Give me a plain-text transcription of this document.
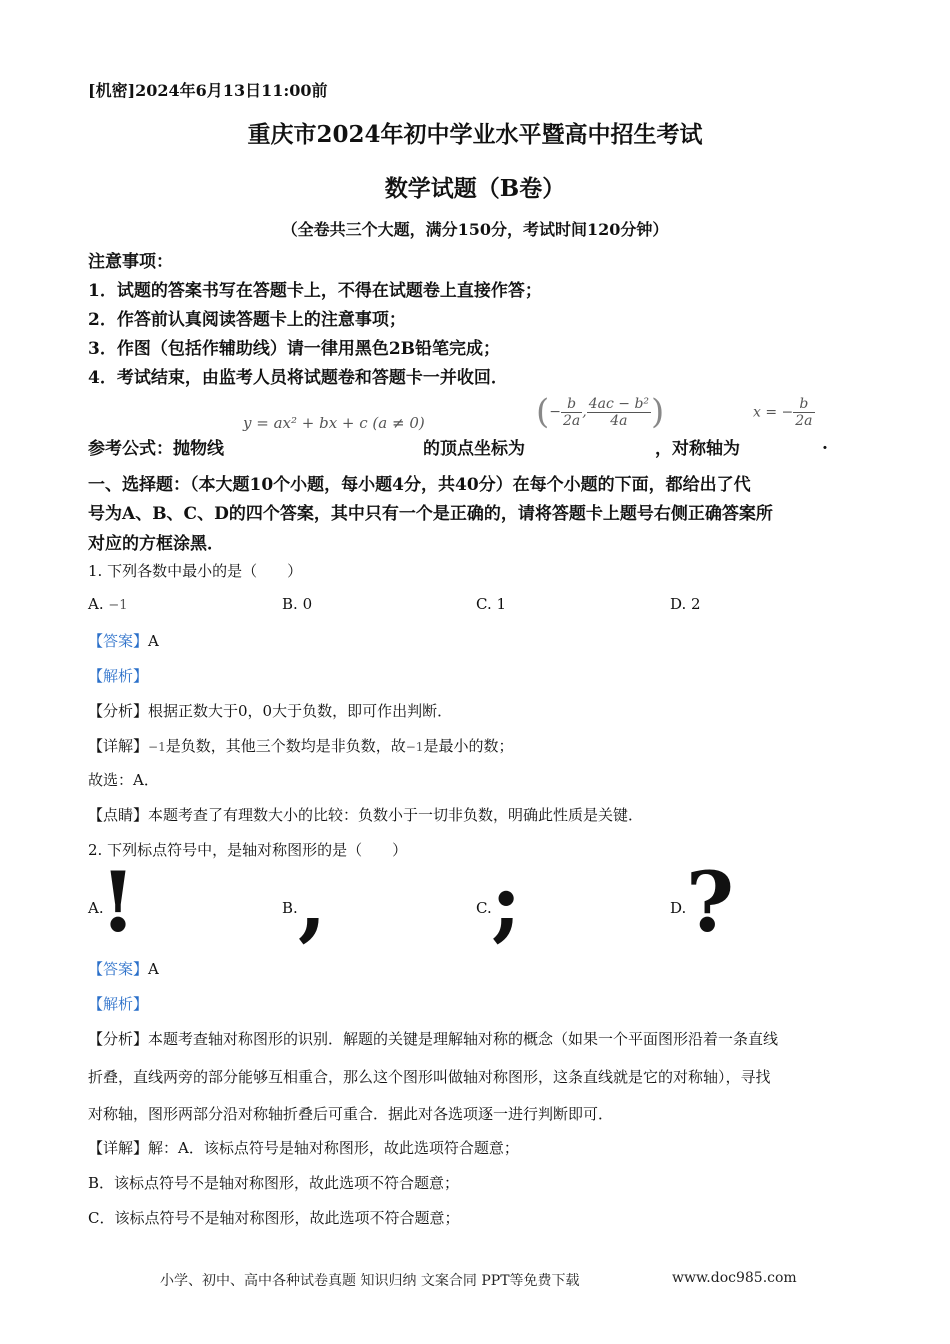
[机密]2024年6月13日11:00前
重庆市2024年初中学业水平暨高中招生考试
数学试题（B卷）
（全卷共三个大题，满分150分，考试时间120分钟）
注意事项：
1．试题的答案书写在答题卡上，不得在试题卷上直接作答；
2．作答前认真阅读答题卡上的注意事项；
3．作图（包括作辅助线）请一律用黑色2B铅笔完成；
4．考试结束，由监考人员将试题卷和答题卡一并收回．
参考公式：抛物线
y = ax² + bx + c (a ≠ 0)
的顶点坐标为
(− $\frac{b}{2a}$ , $\frac{\text{4ac − b²}}{4a}$ )
，对称轴为
x = − $\frac{b}{2a}$
.
一、选择题：（本大题10个小题，每小题4分，共40分）在每个小题的下面，都给出了代
号为A、B、C、D的四个答案，其中只有一个是正确的，请将答题卡上题号右侧正确答案所
对应的方框涂黑．
1. 下列各数中最小的是（　　）
A. −1	B. 0	C. 1	D. 2
【答案】A
【解析】
【分析】根据正数大于0，0大于负数，即可作出判断．
【详解】−1是负数，其他三个数均是非负数，故−1是最小的数；
故选：A．
【点睛】本题考查了有理数大小的比较：负数小于一切非负数，明确此性质是关键．
2. 下列标点符号中，是轴对称图形的是（　　）
A.
!	B. ,	C. ;	D. ?
【答案】A
【解析】
【分析】本题考查轴对称图形的识别．解题的关键是理解轴对称的概念（如果一个平面图形沿着一条直线
折叠，直线两旁的部分能够互相重合，那么这个图形叫做轴对称图形，这条直线就是它的对称轴），寻找
对称轴，图形两部分沿对称轴折叠后可重合．据此对各选项逐一进行判断即可．
【详解】解：A．该标点符号是轴对称图形，故此选项符合题意；
B．该标点符号不是轴对称图形，故此选项不符合题意；
C．该标点符号不是轴对称图形，故此选项不符合题意；
小学、初中、高中各种试卷真题 知识归纳 文案合同 PPT等免费下载	www.doc985.com
